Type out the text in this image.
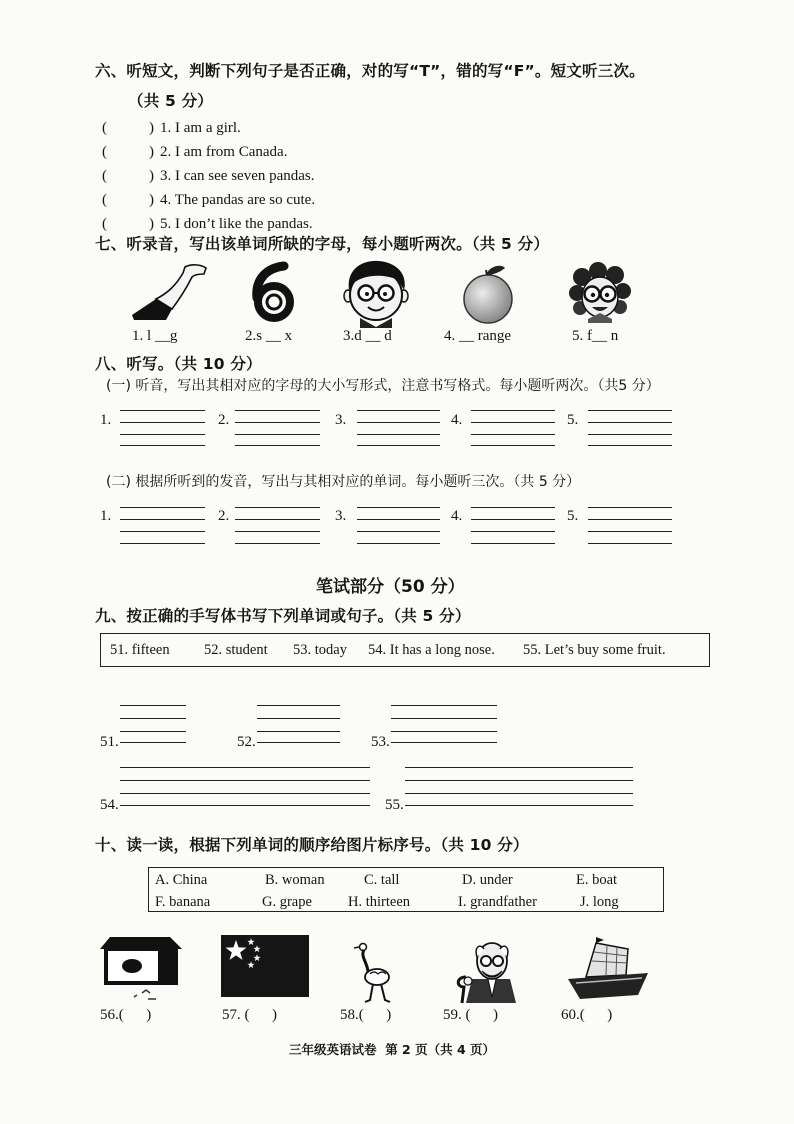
六、听短文，判断下列句子是否正确，对的写“T”，错的写“F”。短文听三次。
（共 5 分）
(	) 1. I am a girl.
(	) 2. I am from Canada.
(	) 3. I can see seven pandas.
(	) 4. The pandas are so cute.
(	) 5. I don’t like the pandas.
七、听录音，写出该单词所缺的字母，每小题听两次。（共 5 分）
1. l __g	2.s __ x	3.d __ d	4. __ range	5. f__ n
八、听写。（共 10 分）
(一) 听音，写出其相对应的字母的大小写形式，注意书写格式。每小题听两次。（共5 分）
1.	2.	3.	4.	5.
(二) 根据所听到的发音，写出与其相对应的单词。每小题听三次。（共 5 分）
1.	2.	3.	4.	5.
笔试部分（50 分）
九、按正确的手写体书写下列单词或句子。（共 5 分）
51. fifteen 52. student 53. today 54. It has a long nose. 55. Let’s buy some fruit.
51.	52.	53.
54.	55.
十、读一读，根据下列单词的顺序给图片标序号。（共 10 分）
A. China	B. woman	C. tall	D. under	E. boat
F. banana	G. grape H. thirteen	I. grandfather	J. long
56.(      )	57. (      )	58.(      )	59. (      )	60.(      )
三年级英语试卷  第 2 页（共 4 页）
